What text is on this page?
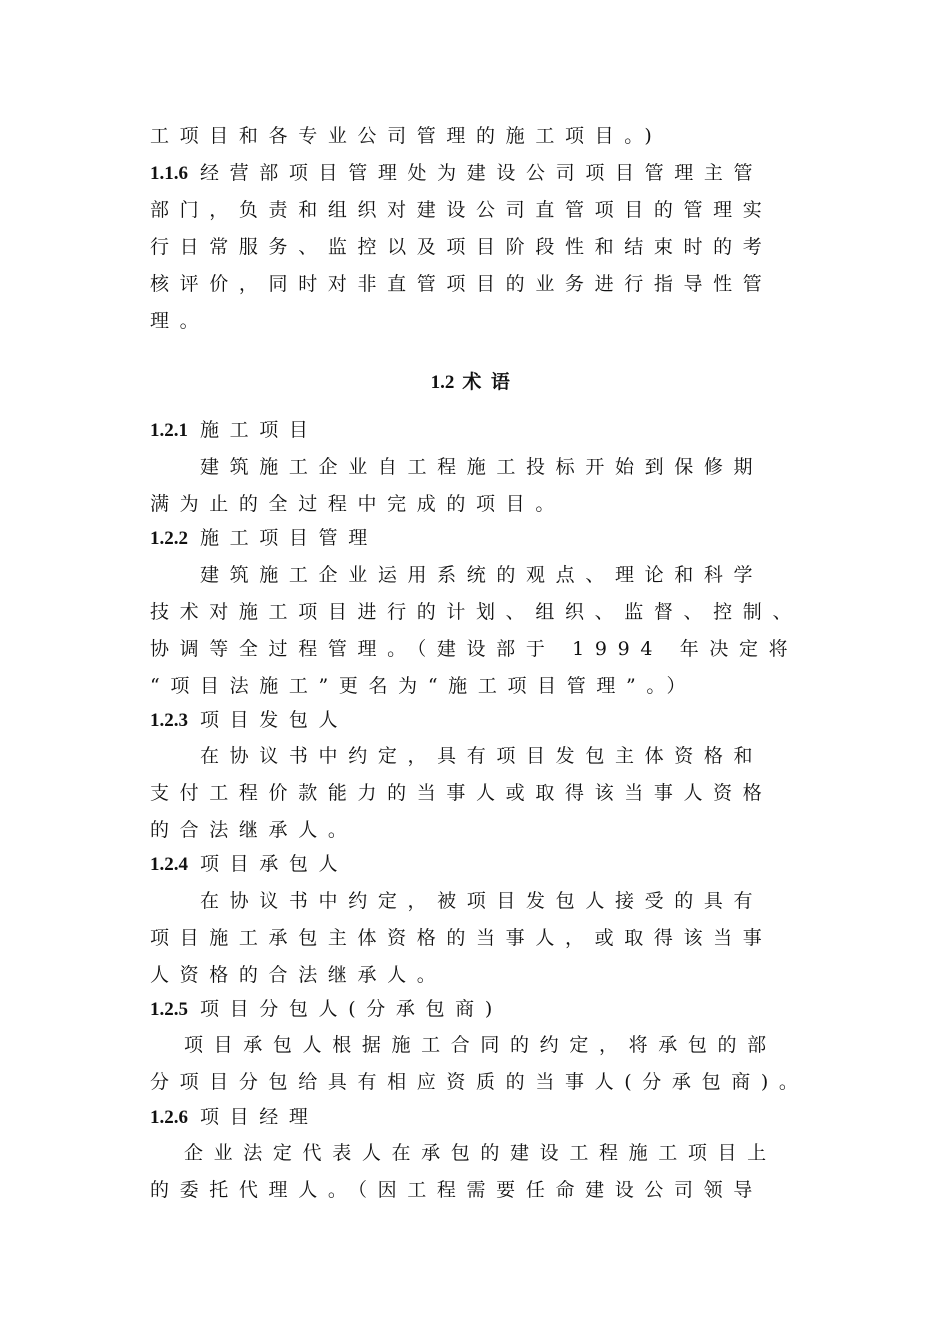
工项目和各专业公司管理的施工项目。)
1.1.6 经营部项目管理处为建设公司项目管理主管
部门，负责和组织对建设公司直管项目的管理实
行日常服务、监控以及项目阶段性和结束时的考
核评价，同时对非直管项目的业务进行指导性管
理。
1.2 术语
1.2.1 施工项目
建筑施工企业自工程施工投标开始到保修期
满为止的全过程中完成的项目。
1.2.2 施工项目管理
建筑施工企业运用系统的观点、理论和科学
技术对施工项目进行的计划、组织、监督、控制、
协调等全过程管理。（建设部于 1994 年决定将
“项目法施工”更名为“施工项目管理”。）
1.2.3 项目发包人
在协议书中约定，具有项目发包主体资格和
支付工程价款能力的当事人或取得该当事人资格
的合法继承人。
1.2.4 项目承包人
在协议书中约定，被项目发包人接受的具有
项目施工承包主体资格的当事人，或取得该当事
人资格的合法继承人。
1.2.5 项目分包人(分承包商)
项目承包人根据施工合同的约定，将承包的部
分项目分包给具有相应资质的当事人(分承包商)。
1.2.6 项目经理
企业法定代表人在承包的建设工程施工项目上
的委托代理人。（因工程需要任命建设公司领导
